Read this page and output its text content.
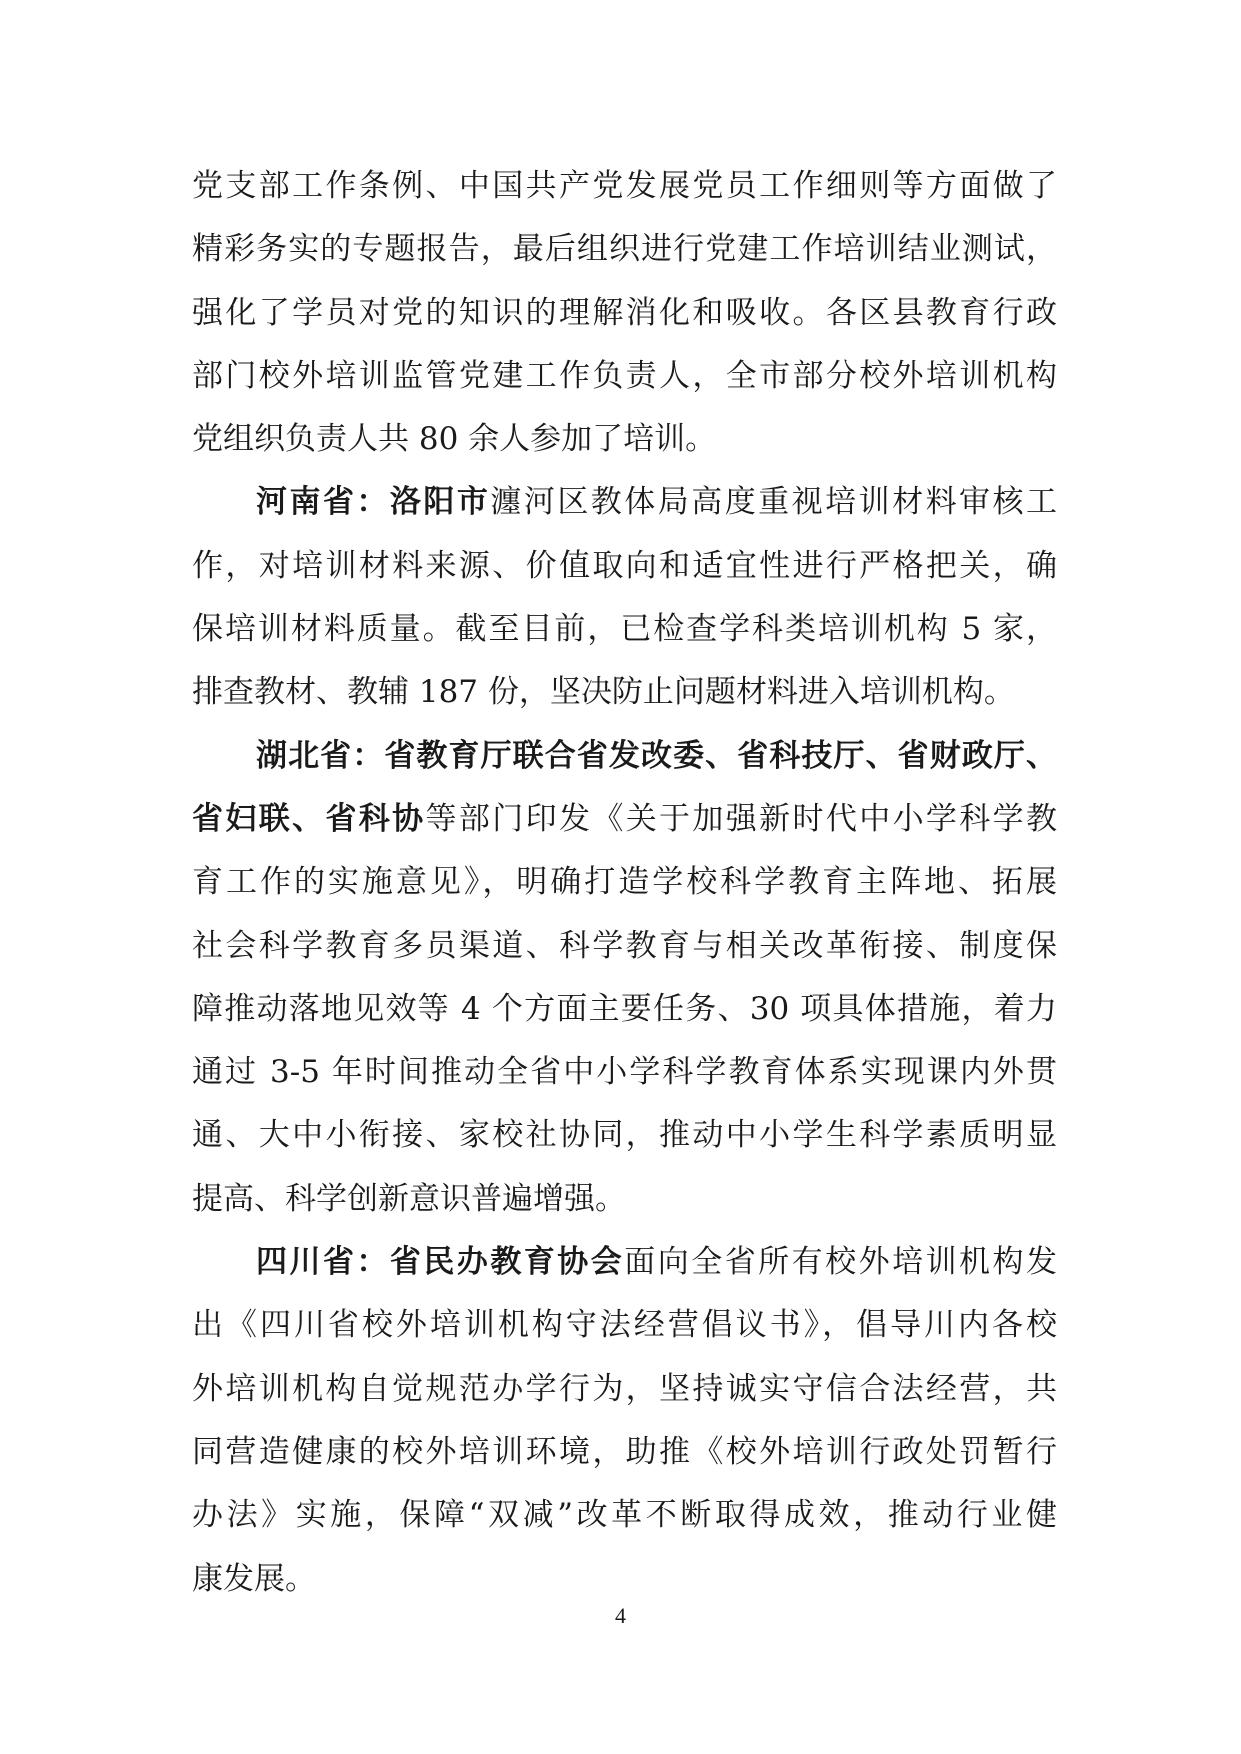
党支部工作条例、中国共产党发展党员工作细则等方面做了
精彩务实的专题报告，最后组织进行党建工作培训结业测试，
强化了学员对党的知识的理解消化和吸收。各区县教育行政
部门校外培训监管党建工作负责人，全市部分校外培训机构
党组织负责人共 80 余人参加了培训。
河南省：洛阳市瀍河区教体局高度重视培训材料审核工
作，对培训材料来源、价值取向和适宜性进行严格把关，确
保培训材料质量。截至目前，已检查学科类培训机构 5 家，
排查教材、教辅 187 份，坚决防止问题材料进入培训机构。
湖北省：省教育厅联合省发改委、省科技厅、省财政厅、
省妇联、省科协等部门印发《关于加强新时代中小学科学教
育工作的实施意见》，明确打造学校科学教育主阵地、拓展
社会科学教育多员渠道、科学教育与相关改革衔接、制度保
障推动落地见效等 4 个方面主要任务、30 项具体措施，着力
通过 3-5 年时间推动全省中小学科学教育体系实现课内外贯
通、大中小衔接、家校社协同，推动中小学生科学素质明显
提高、科学创新意识普遍增强。
四川省：省民办教育协会面向全省所有校外培训机构发
出《四川省校外培训机构守法经营倡议书》，倡导川内各校
外培训机构自觉规范办学行为，坚持诚实守信合法经营，共
同营造健康的校外培训环境，助推《校外培训行政处罚暂行
办法》实施，保障“双减”改革不断取得成效，推动行业健
康发展。
4
